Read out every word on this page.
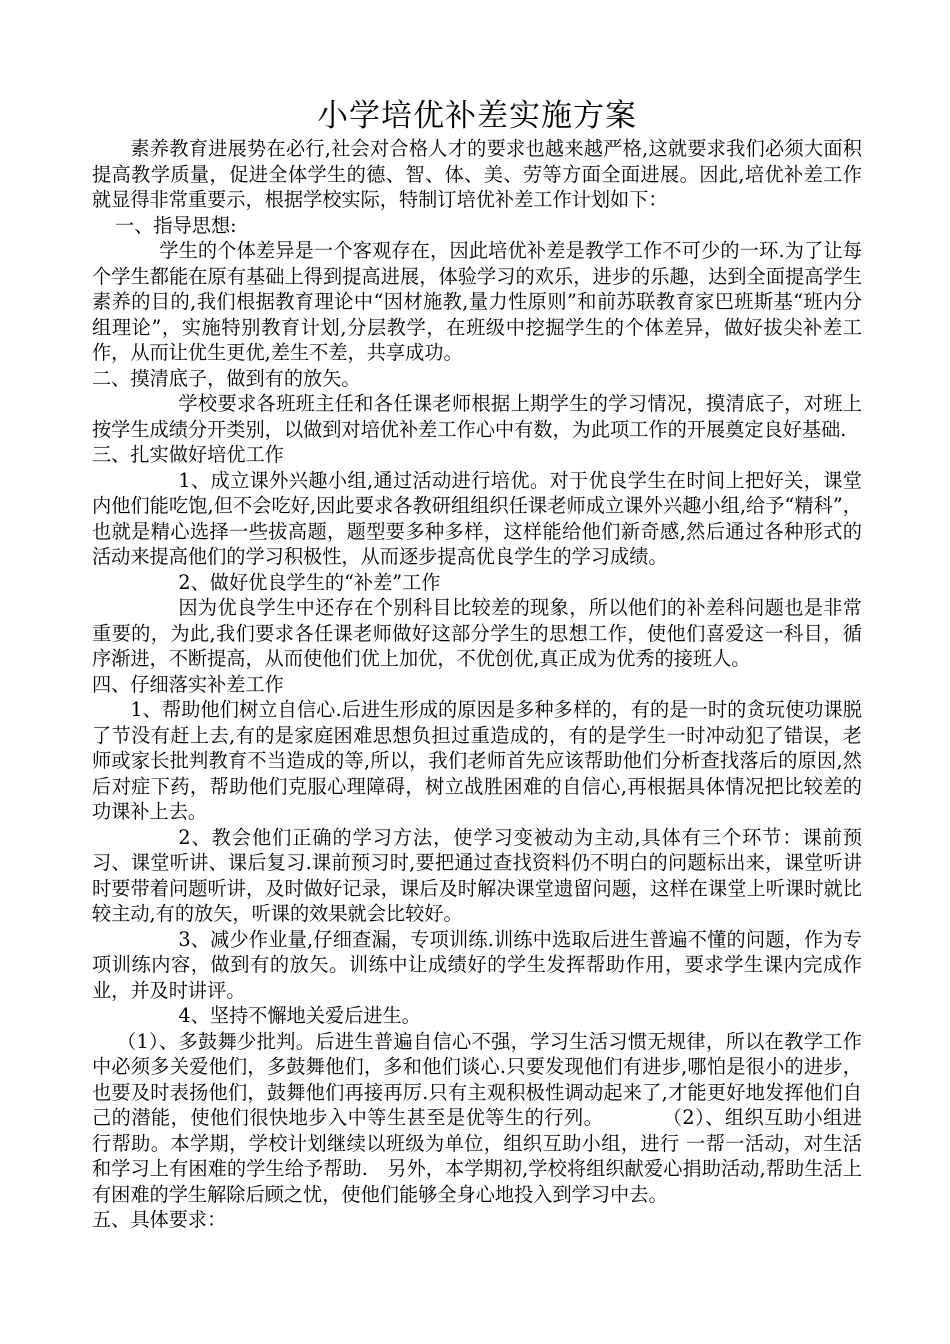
小学培优补差实施方案

素养教育进展势在必行,社会对合格人才的要求也越来越严格,这就要求我们必须大面积提高教学质量，促进全体学生的德、智、体、美、劳等方面全面进展。因此,培优补差工作就显得非常重要示，根据学校实际，特制订培优补差工作计划如下：

一、指导思想:

学生的个体差异是一个客观存在，因此培优补差是教学工作不可少的一环.为了让每个学生都能在原有基础上得到提高进展，体验学习的欢乐，进步的乐趣，达到全面提高学生素养的目的,我们根据教育理论中“因材施教,量力性原则”和前苏联教育家巴班斯基“班内分组理论”，实施特别教育计划,分层教学，在班级中挖掘学生的个体差异，做好拔尖补差工作，从而让优生更优,差生不差，共享成功。

二、摸清底子，做到有的放矢。

学校要求各班班主任和各任课老师根据上期学生的学习情况，摸清底子，对班上按学生成绩分开类别，以做到对培优补差工作心中有数，为此项工作的开展奠定良好基础.

三、扎实做好培优工作

1、成立课外兴趣小组,通过活动进行培优。对于优良学生在时间上把好关，课堂内他们能吃饱,但不会吃好,因此要求各教研组组织任课老师成立课外兴趣小组,给予“精科”，也就是精心选择一些拔高题，题型要多种多样，这样能给他们新奇感,然后通过各种形式的活动来提高他们的学习积极性，从而逐步提高优良学生的学习成绩。

2、做好优良学生的“补差”工作

因为优良学生中还存在个别科目比较差的现象，所以他们的补差科问题也是非常重要的，为此,我们要求各任课老师做好这部分学生的思想工作，使他们喜爱这一科目，循序渐进，不断提高，从而使他们优上加优，不优创优,真正成为优秀的接班人。

四、仔细落实补差工作

1、帮助他们树立自信心.后进生形成的原因是多种多样的，有的是一时的贪玩使功课脱了节没有赶上去,有的是家庭困难思想负担过重造成的，有的是学生一时冲动犯了错误，老师或家长批判教育不当造成的等,所以，我们老师首先应该帮助他们分析查找落后的原因,然后对症下药，帮助他们克服心理障碍，树立战胜困难的自信心,再根据具体情况把比较差的功课补上去。

2、教会他们正确的学习方法，使学习变被动为主动,具体有三个环节：课前预习、课堂听讲、课后复习.课前预习时,要把通过查找资料仍不明白的问题标出来，课堂听讲时要带着问题听讲，及时做好记录，课后及时解决课堂遗留问题，这样在课堂上听课时就比较主动,有的放矢，听课的效果就会比较好。

3、减少作业量,仔细查漏，专项训练.训练中选取后进生普遍不懂的问题，作为专项训练内容，做到有的放矢。训练中让成绩好的学生发挥帮助作用，要求学生课内完成作业，并及时讲评。

4、坚持不懈地关爱后进生。

（1）、多鼓舞少批判。后进生普遍自信心不强，学习生活习惯无规律，所以在教学工作中必须多关爱他们，多鼓舞他们，多和他们谈心.只要发现他们有进步,哪怕是很小的进步，也要及时表扬他们，鼓舞他们再接再厉.只有主观积极性调动起来了,才能更好地发挥他们自己的潜能，使他们很快地步入中等生甚至是优等生的行列。　　　　（2）、组织互助小组进行帮助。本学期，学校计划继续以班级为单位，组织互助小组，进行 一帮一活动，对生活和学习上有困难的学生给予帮助.　另外，本学期初,学校将组织献爱心捐助活动,帮助生活上有困难的学生解除后顾之忧，使他们能够全身心地投入到学习中去。

五、具体要求：
